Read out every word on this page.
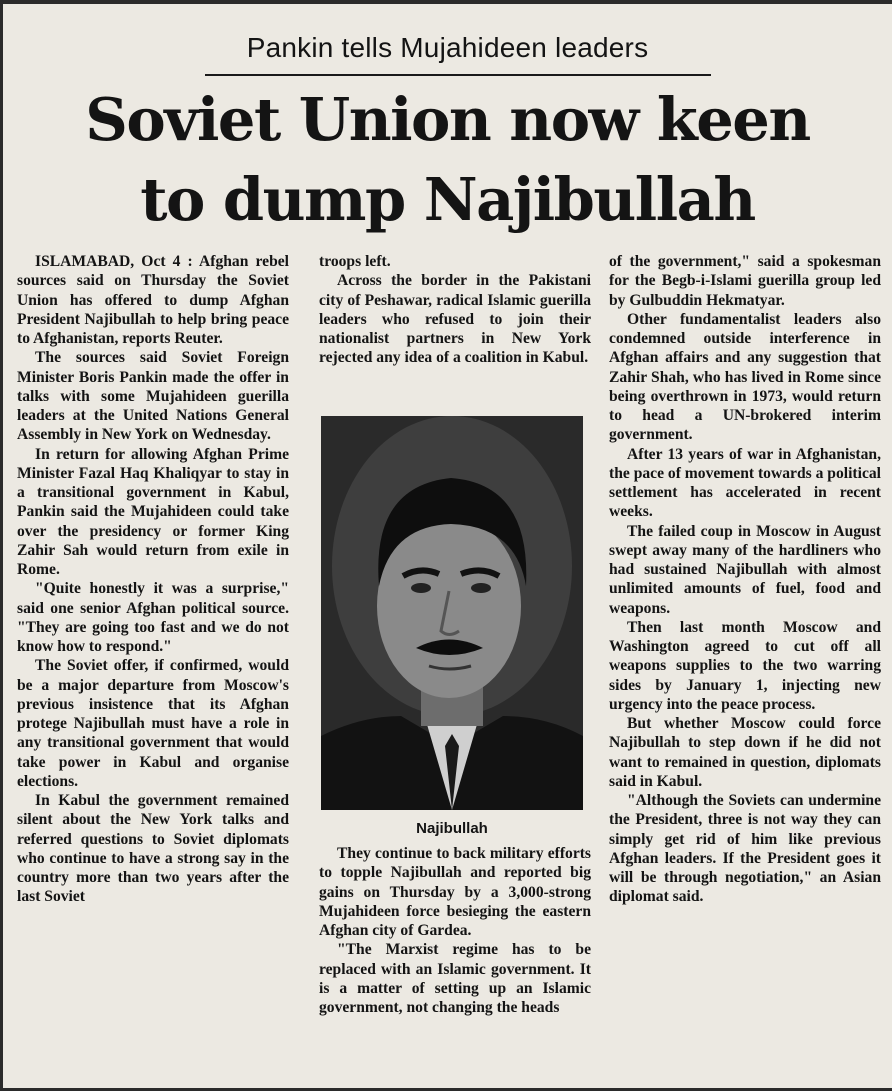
Pankin tells Mujahideen leaders
Soviet Union now keen
to dump Najibullah

ISLAMABAD, Oct 4 : Afghan rebel sources said on Thursday the Soviet Union has offered to dump Afghan President Najibullah to help bring peace to Afghanistan, reports Reuter.

The sources said Soviet Foreign Minister Boris Pankin made the offer in talks with some Mujahideen guerilla leaders at the United Nations General Assembly in New York on Wednesday.

In return for allowing Afghan Prime Minister Fazal Haq Khaliqyar to stay in a transitional government in Kabul, Pankin said the Mujahideen could take over the presidency or former King Zahir Sah would return from exile in Rome.

"Quite honestly it was a surprise," said one senior Afghan political source. "They are going too fast and we do not know how to respond."

The Soviet offer, if confirmed, would be a major departure from Moscow's previous insistence that its Afghan protege Najibullah must have a role in any transitional government that would take power in Kabul and organise elections.

In Kabul the government remained silent about the New York talks and referred questions to Soviet diplomats who continue to have a strong say in the country more than two years after the last Soviet

troops left.

Across the border in the Pakistani city of Peshawar, radical Islamic guerilla leaders who refused to join their nationalist partners in New York rejected any idea of a coalition in Kabul.

of the government," said a spokesman for the Begb-i-Islami guerilla group led by Gulbuddin Hekmatyar.

Other fundamentalist leaders also condemned outside interference in Afghan affairs and any suggestion that Zahir Shah, who has lived in Rome since being overthrown in 1973, would return to head a UN-brokered interim government.

After 13 years of war in Afghanistan, the pace of movement towards a political settlement has accelerated in recent weeks.

The failed coup in Moscow in August swept away many of the hardliners who had sustained Najibullah with almost unlimited amounts of fuel, food and weapons.

Then last month Moscow and Washington agreed to cut off all weapons supplies to the two warring sides by January 1, injecting new urgency into the peace process.

But whether Moscow could force Najibullah to step down if he did not want to remained in question, diplomats said in Kabul.

"Although the Soviets can undermine the President, three is not way they can simply get rid of him like previous Afghan leaders. If the President goes it will be through negotiation," an Asian diplomat said.

Najibullah

They continue to back military efforts to topple Najibullah and reported big gains on Thursday by a 3,000-strong Mujahideen force besieging the eastern Afghan city of Gardea.

"The Marxist regime has to be replaced with an Islamic government. It is a matter of setting up an Islamic government, not changing the heads
